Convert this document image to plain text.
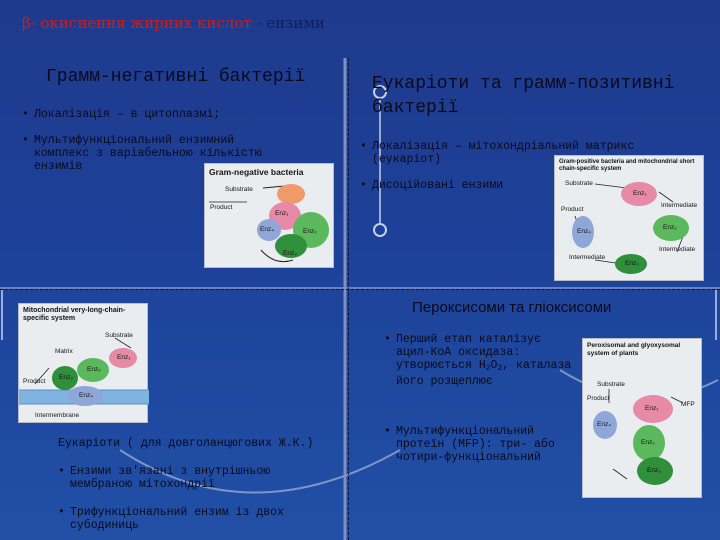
β- окиснення жирних кислот - ензими
Грамм-негативні бактерії
• Локалізація – в цитоплазмі;
• Мультифункціональний ензимний комплекс з варіабельною кількістю ензимів
Еукаріоти та грамм-позитивні бактерії
• Локалізація – мітохондріальний матрикс (еукаріот)
• Дисоційовані ензими
Gram-negative bacteria
Substrate
Product
Enz₁
Enz₂
Enz₃
Enz₄
Gram-positive bacteria and mitochondrial short chain-specific system
Substrate
Product
Intermediate
Intermediate
Intermediate
Enz₁
Enz₂
Enz₃
Enz₄
Пероксисоми та гліоксисоми
• Перший етап каталізує ацил-КоА оксидаза: утворюється $Н_2О_2$, каталаза його розщеплює
• Мультифункціональний протеїн (MFP): три- або чотири-функціональний
Mitochondrial very-long-chain-specific system
Substrate
Matrix
Product
Intermembrane
Enz₁
Enz₂
Enz₃
Enz₄
Еукаріоти ( для довголанцюгових Ж.К.)
• Ензими зв'язані з внутрішньою мембраною мітохондрії
• Трифункціональний ензим із двох субодиниць
Peroxisomal and glyoxysomal system of plants
Substrate
Product
MFP
Enz₁
Enz₂
Enz₃
Enz₄
